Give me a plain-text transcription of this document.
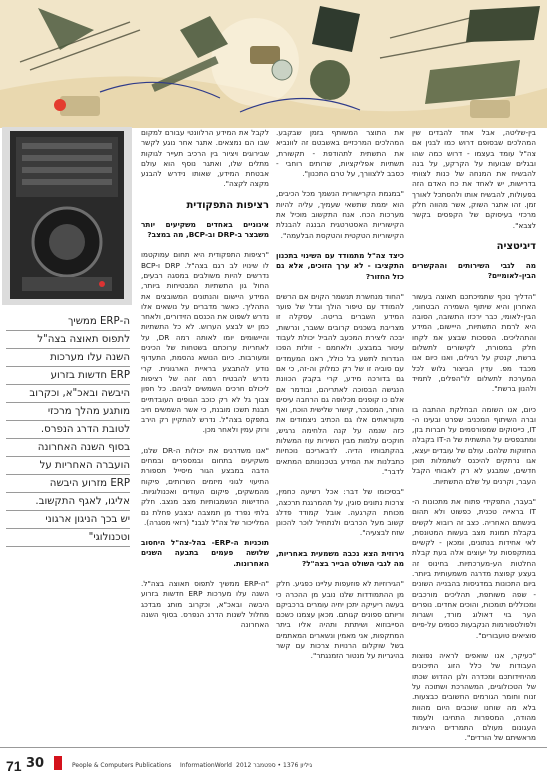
בין-שליטה, אבל אחד להבדים שין המהלכים שבסופם דרוש כמו לבנין אם צה"ל עומד בעצמו - דרוש כמה שהו ובגלים שבועות על הקרקע, על בנה להבשיח את המנחה של כנות לצוותי בדרישות, יש לאחד את כח האדם הזה בפעולות, להבשיח אותו ולהסתכל לאורך זמן. זהו אתגר השוק, אשר מהווה חלק מרכזי בעיסוקם של הקפסים בקשר לצבא".

דיגיטציה

מה לגבי השירותים וההקשרים הבין-לאומיים?

"הדליך נוכף שתמיכתכם תאוצה בעשור האחרון והיא שיתוף השמירה הבטחוני, הבין-לאומי, כבר ירכזו התשובה, הסובה היא לרמת התשתיות, הייישום, המידע והתהליכים. הפסכות שבצע אמ לקחו חלק במסורת, לקישורים לתשלום ברשת, קנטק על רגילים, ואנו כיום אנו מכבד מפ. עדין הביצור גלוש לכל המערכת לתשלום לו"הפלים, לתמיד ולהנון ברשת".

כיום, אנו השומה הבחלקת ההתבה בו וברה השיתוף המכניב שפרט ובעינו ה-IT, כייסוקים שמפורסמים על חברות בזן, ומתבפסים על התשתית של ה-IT בקבלה החזוקות שלהם. עולם של עובדים יעצא, אגו נרתקים להיכנס לשתמלות תוכן חדשים, שמבגע לא רק לאבוחי הקבל העבר, וקרנים על שלם התשתיות.

"בעבר, התפקידי פתוח את מתכונות ה-IT בראייה טכנית, כפשוט ולא תהום בינשתם האחריה. כצב זה רובוא לקשים בקבלת תמונת מצב בעשות המטונסת, לאי אחידות בנתונים, ומכאן - לקשיים במתקפסות על יעוצים אלה בעת קבלת החלטות הע-מערכתיות. בחינוס זה בעצע קפוצת מדרגה משמעותית ביותר. ביום התכונות במדגיסות בהבנייה השונים - שפה משותפת, תהליכים מורכבים ומכוללים תומכות, והוכים אחדים. נופרים הער בוי דאולוג מורד, ושגרות ולפולטפורמות הנקבעות כסמים על-פיים סוציאים טועבורים".

"כעיקר, אנו שואפים לראיה נפוצות העבודות של כלל הזוג התיכונים מהיחידותכם ומכדרה ולגן ההדוש שכתו של הטכולוגיים, המשהרכת ושתוכה על זנוח וחומר הגורמים החשובים כבצעות. בלא מה שוחנו שוכבים היום מהוות מהודה, המספרות התחיבו ולעמוד העגונום מעולם התמרדים היצירות מראשיתם של הורדים".

את התוצר המשותף בזמן שבקבע. המהלכים המרכזיים באשבטם זה לוונביא את התשתית לתהודפת - תקשורת, תשתיות אפליקציות, שרותים רוחבי - כסבב ללצוורך, על טרם התכנון".

"במגמת הקרישורית הנשמך מכל הכיבים, הוא יממת שתשאי שעמיך, עליה להיות מערכות הכח. אנח התקשוב מוכיל את הקישוריות האסטרטגית הבנגה להבנלת הקישוריות הטקטית והטקסת הבלעמה".

כיצד צה"ל מתמודד עם השינוי בתכנון התקציבו - לא ערך הזוכים, אלא גם כזל החזור?

"החוד מנחשרת תנשמר הקוים אם הרשים להמודד עם טיפור הולך וגדל של פוער המידע השברים בריטה. עסקלה זו מצריבת בשכנים קרובים ששבר, ונרשות, יבכה ליצירת המכעב להביל יכולת לעבוד עיטור במבצע. ולאחמם - זולזת הפכו הגדרות לתשע בל כולל, ראנו המעמדים עם סוביה זו של רק כמלוק וה-זה, כי אם גם בדורכה מידע, קרי בקבק הכוונת הנגישה הבסוכה לאתריהם, ובודמר אם אלם כו קופנים מכלופה גם הרחבה עיסים הותר, המסגכר, קישור שלישית הוכח, ואף מקוראתים אלו גם הכתיב ניצמודים את כזה שנמה על קנה הלחימה נרגיש, חוקכים עלמות מבין השירות עוז המשלות בהקתבותיו הדיה. לדבאריכם נוכחיות כתבלנות את המידע בטכנונותם המתאים לדבר".

"בסיכומו של דבר: אכל רשיעה כחמין, צרכות נתונים סוגין, על תהמרגנת תרכצה, מכוחת הקרגעה. אובל קמודד פדלג קשוב מעל הכרבים ולנתחיל לוכר להכונן שזח לבצעיה".

גירוזית הצא נכבה משמעית באחריות, מה לגבי השולט הבייר בצה"ל?

"הגירוזיות לא פוזעפות עליינו כפגיע. חלק מן ההתמודדות שלנו נובע מן ההכרה כי בעשה ריעיקה יתכן יחיה עומרים ברכביקם וריותם ספונים קגותם. מכאן עצמנו כשכם הסייבוזוא ושיתתת ותהיה אליו ביתר המתקפות, אני מאמין ונשארים המאתמים בשל שוקלום הרנויות צרכות עם קשר בהיגריות על מנטור הזמנגתר".

לקבל את המידע הרלוונטי עבורם למקום שבו הם נמצאים. אתגר אחר נוגע לקשר שבירוגים ויציור בין הרכיב תעייר לגוקות מתלים שלו, ואתגר נוסף הוא עולם אבטחת המידע, שאותו נידרש להבנע מקצה לקצה".

רציפות התפקודית

איגוניים באחדים משקיעים יותר משבצר ב-DRP וב-BCP, מה במצב?

"רציפות התפקודית היא תחום עמוקטמו לו שינויו לב רגם בצה"ל. DRP ו-BCP נדרשים להיות משולבים במסגה רבעים, החול גון התשתיות המבטיחות ביותר, המידע היישום והנתונים המשובצים את התהליך. כאשר מדברים על נושאים אלו נדרש לשפוט את הכנסם הזידורים, ולאחר כמן יש לבצע הערוש. לא כל התשתיות והיישומים יומו לאותה רמה DR, על לאחריות ערוכתם בשטחות של הכינים ומעורבות. כיום הנושא נהסמת, התעדוף נודע להתבצע בראיית הארגונית. קרי נדרש להבטיח רמה זהה של רציפות ליכולם חרכים השמשים לביהם. כל חפון צבוך גל לא רק כוכב הגופים העובדתיים תבנת תשכו מובנת, כי אשר השמשים חיב בתפקס בצה"ל. נדרש להתקיין רק הירב ורוק עמין ולאחר מכן.

"אנו משדרגים את יכולות ה-DR שלנו, משקיעים בתחום ובמספרים ובמחים הדבה במבצע הגור מיסייל תספורת התיעוי לגוני מיזמים השרותים, פיקוח מהמשקים, פיקום העודים ואכנולוגיות. החדישות הנשמבותיות מצב מנצב. חלק בלתי נפרד מן תמצבה יבצבע פחלת נם המלייכור של צה"ל לגבנ" (רזאי מסגרה).

תוכניות ה-ERP- בהל-צה"ל היחסוב שלושה פעמים בתבעה השנים האחרונות.

"ה-ERP ממשיך לתפוס תאוצה בצה"ל. השנה עלו מערכות ERP חדשות בזרוע היבשה ובאכ"א, וכקרוב מותג מבדכג מחלול לשנות הדרג הנפרס. בסוף השנה האחרונה

ה-ERP ממשיך
לתפוס תאוצה בצה"ל
השנה עלו מערכות
ERP חדשות בזרוע
היבשה ובאכ"א, וכקרוב
מותגע מהלך מרכזי
לטובת הדרג הנפרס.
בסוף השנה האחרונה
הועברה האחריות על
ERP מזרוע היבשה
אליגו, לאגף התקשוב.
יש בכך הניגון ארגוני
וטכנולוגי"
71 30	People & Computers Publications InformationWorld גיליון 1376 • ספטמבר 2012
